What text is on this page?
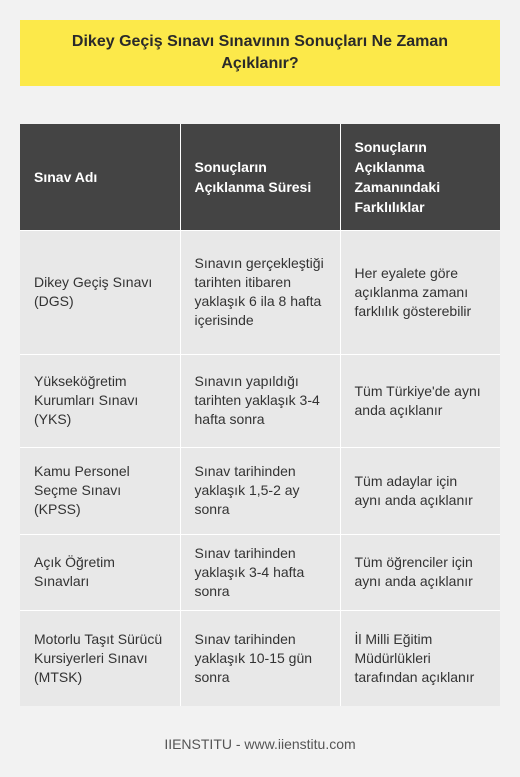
Dikey Geçiş Sınavı Sınavının Sonuçları Ne Zaman Açıklanır?
Sınav Adı	Sonuçların Açıklanma Süresi	Sonuçların Açıklanma Zamanındaki Farklılıklar
Dikey Geçiş Sınavı (DGS)	Sınavın gerçekleştiği tarihten itibaren yaklaşık 6 ila 8 hafta içerisinde	Her eyalete göre açıklanma zamanı farklılık gösterebilir
Yükseköğretim Kurumları Sınavı (YKS)	Sınavın yapıldığı tarihten yaklaşık 3-4 hafta sonra	Tüm Türkiye'de aynı anda açıklanır
Kamu Personel Seçme Sınavı (KPSS)	Sınav tarihinden yaklaşık 1,5-2 ay sonra	Tüm adaylar için aynı anda açıklanır
Açık Öğretim Sınavları	Sınav tarihinden yaklaşık 3-4 hafta sonra	Tüm öğrenciler için aynı anda açıklanır
Motorlu Taşıt Sürücü Kursiyerleri Sınavı (MTSK)	Sınav tarihinden yaklaşık 10-15 gün sonra	İl Milli Eğitim Müdürlükleri tarafından açıklanır
IIENSTITU - www.iienstitu.com
